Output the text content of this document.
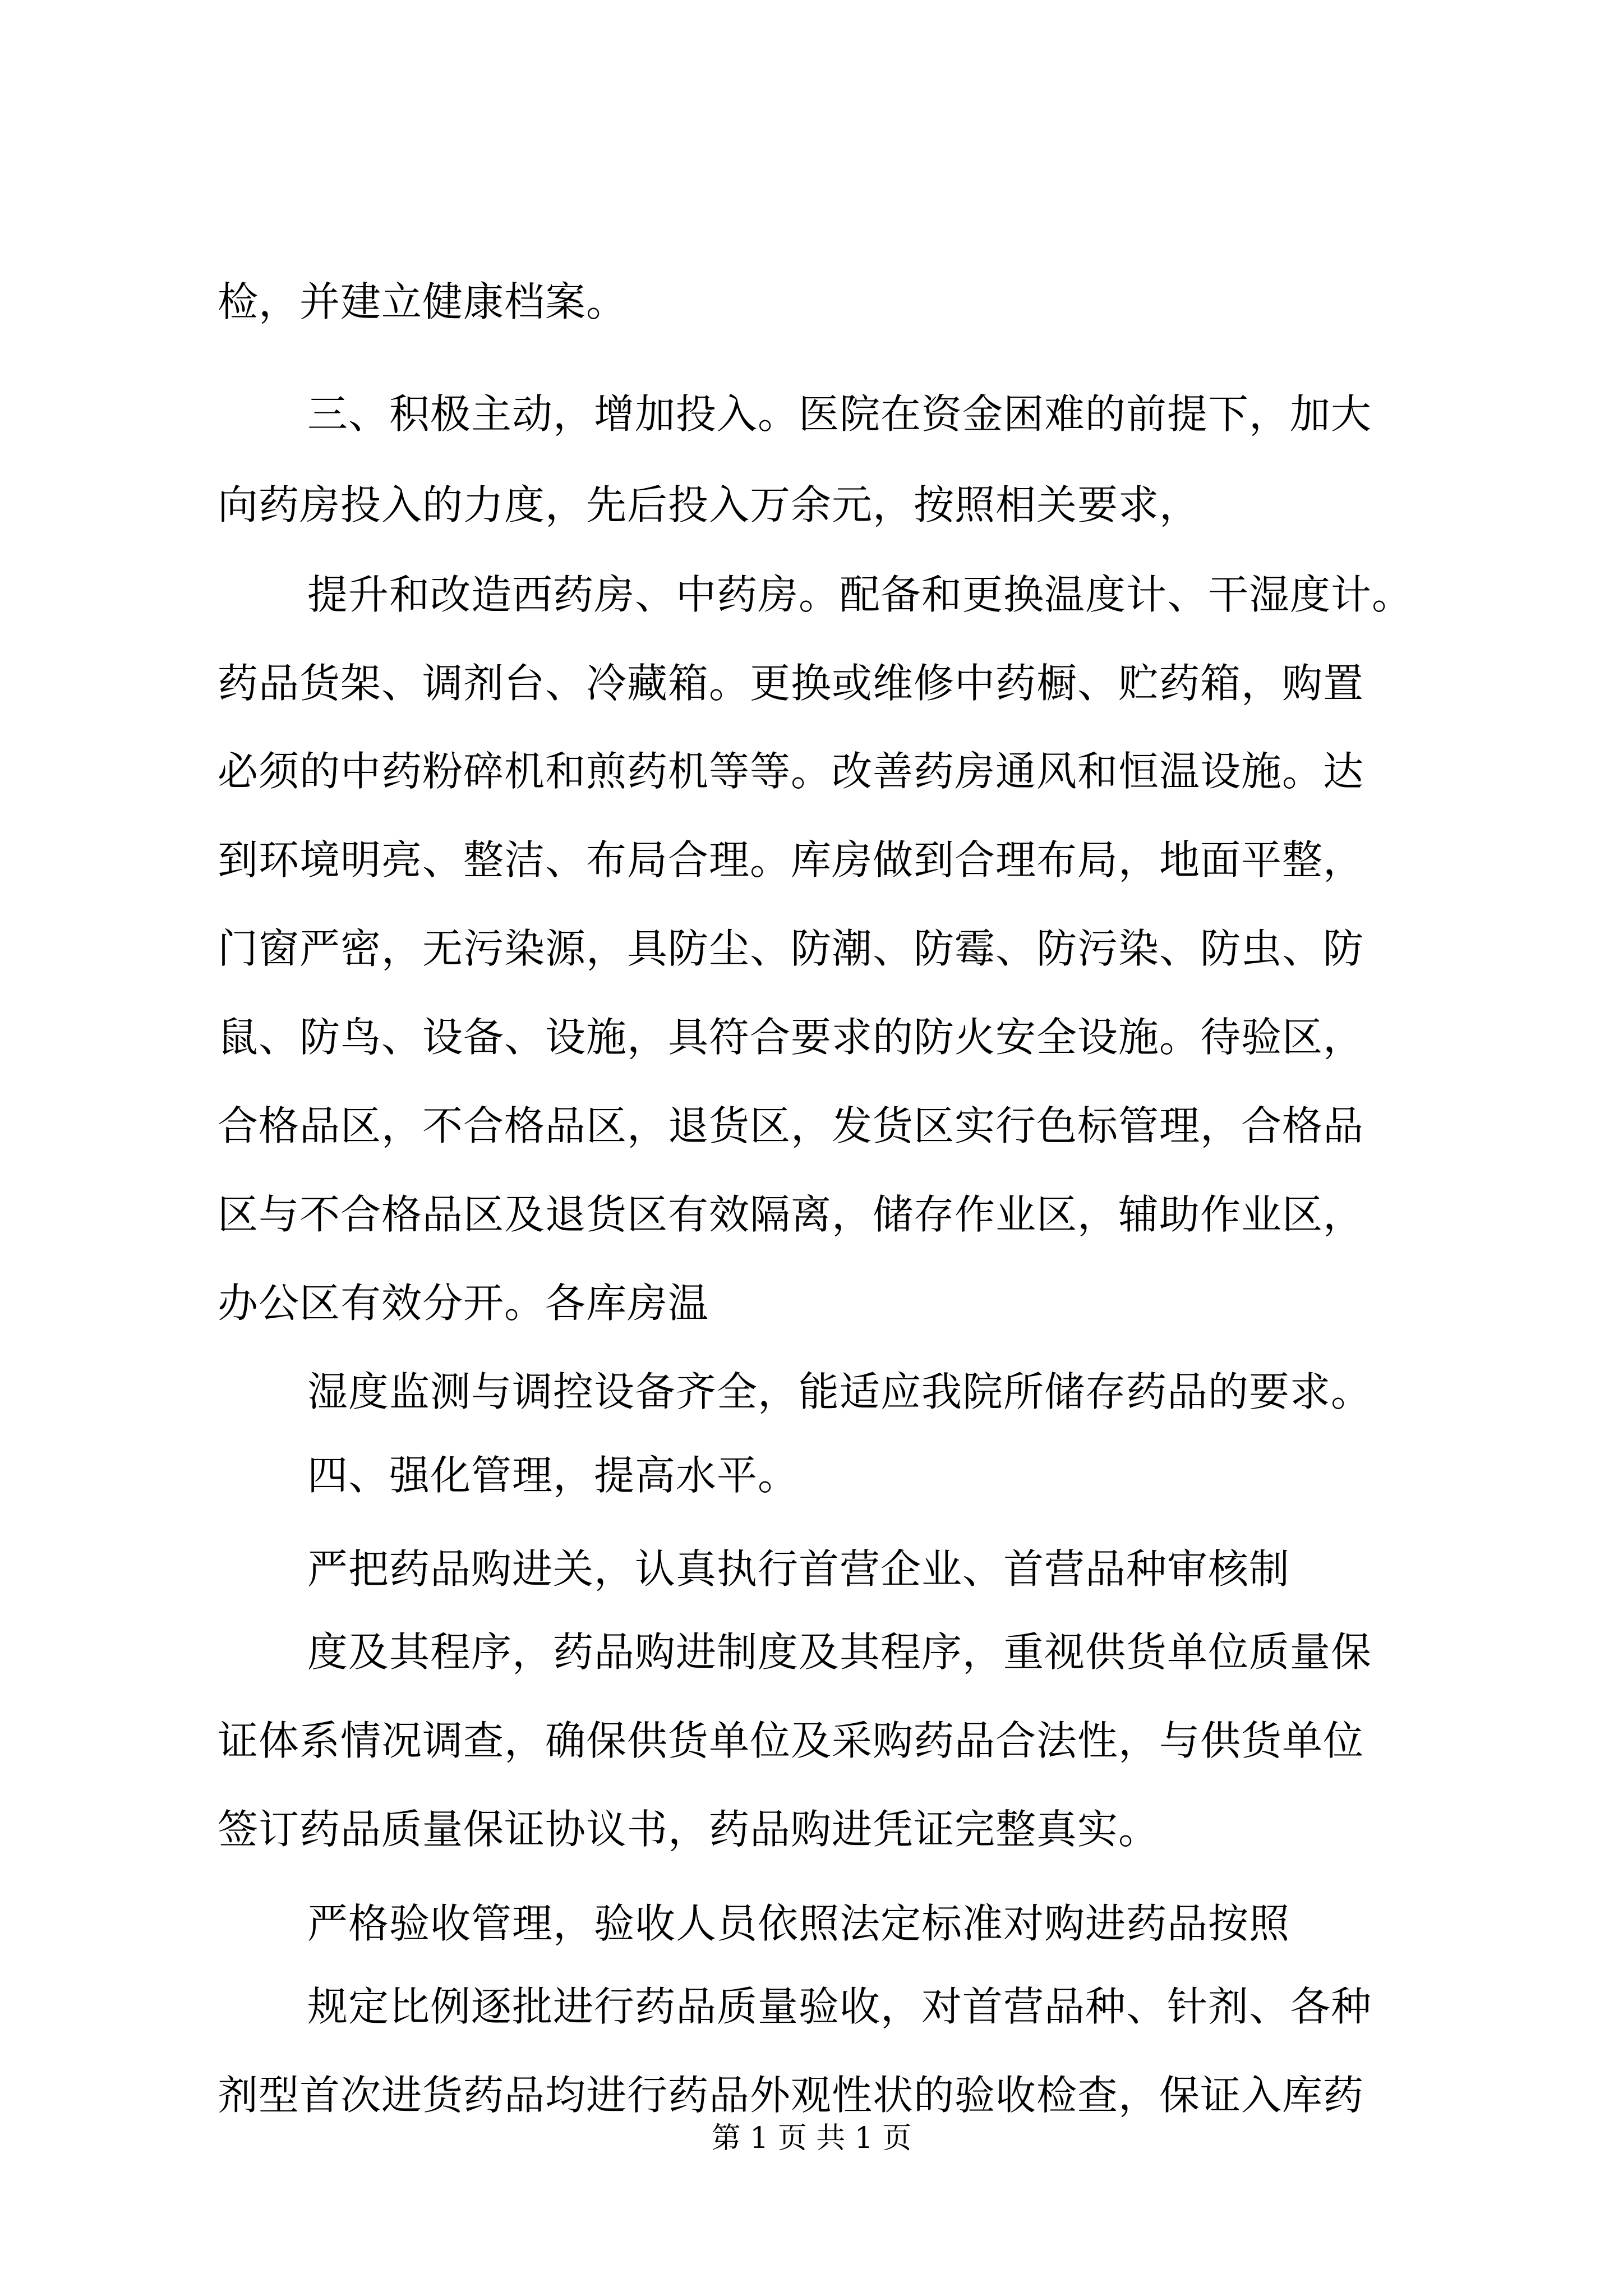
检，并建立健康档案。
三、积极主动，增加投入。医院在资金困难的前提下，加大
向药房投入的力度，先后投入万余元，按照相关要求，
提升和改造西药房、中药房。配备和更换温度计、干湿度计。
药品货架、调剂台、冷藏箱。更换或维修中药橱、贮药箱，购置
必须的中药粉碎机和煎药机等等。改善药房通风和恒温设施。达
到环境明亮、整洁、布局合理。库房做到合理布局，地面平整，
门窗严密，无污染源，具防尘、防潮、防霉、防污染、防虫、防
鼠、防鸟、设备、设施，具符合要求的防火安全设施。待验区，
合格品区，不合格品区，退货区，发货区实行色标管理，合格品
区与不合格品区及退货区有效隔离，储存作业区，辅助作业区，
办公区有效分开。各库房温
湿度监测与调控设备齐全，能适应我院所储存药品的要求。
四、强化管理，提高水平。
严把药品购进关，认真执行首营企业、首营品种审核制
度及其程序，药品购进制度及其程序，重视供货单位质量保
证体系情况调查，确保供货单位及采购药品合法性，与供货单位
签订药品质量保证协议书，药品购进凭证完整真实。
严格验收管理，验收人员依照法定标准对购进药品按照
规定比例逐批进行药品质量验收，对首营品种、针剂、各种
剂型首次进货药品均进行药品外观性状的验收检查，保证入库药
第 1 页 共 1 页
